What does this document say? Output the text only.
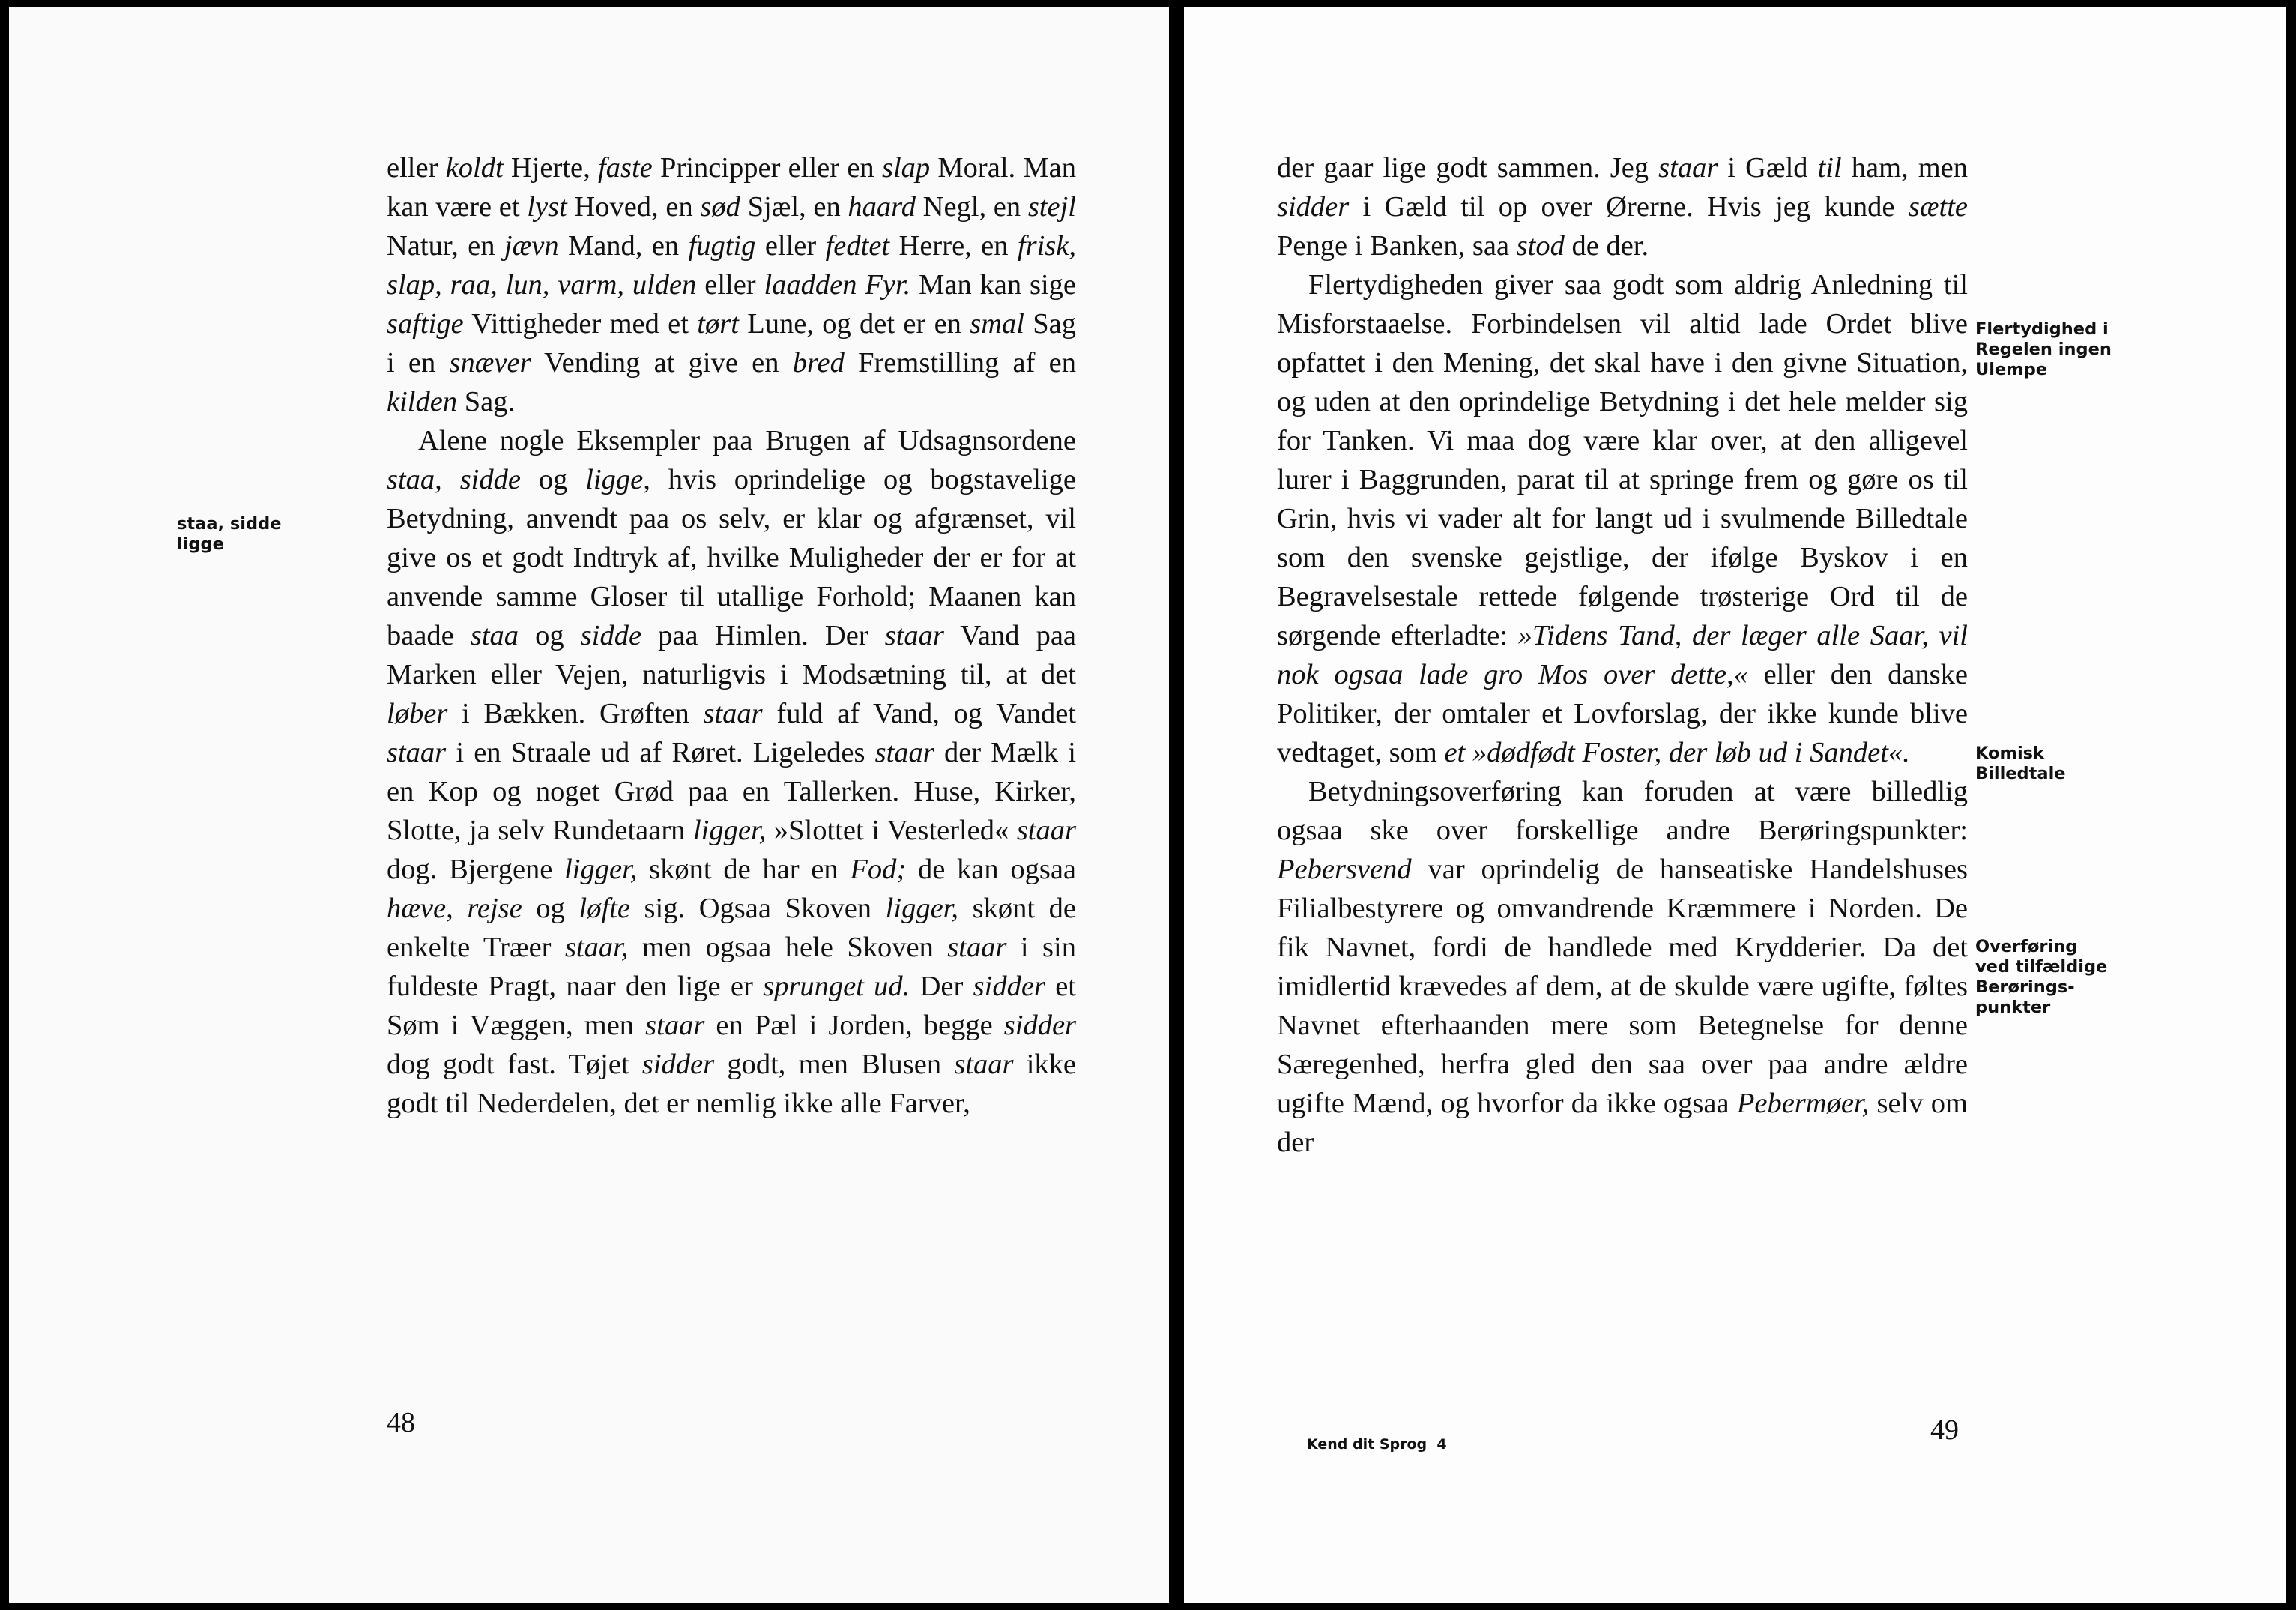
eller koldt Hjerte, faste Principper eller en slap Moral. Man kan være et lyst Hoved, en sød Sjæl, en haard Negl, en stejl Natur, en jævn Mand, en fugtig eller fedtet Herre, en frisk, slap, raa, lun, varm, ulden eller laadden Fyr. Man kan sige saftige Vittigheder med et tørt Lune, og det er en smal Sag i en snæver Vending at give en bred Fremstilling af en kilden Sag.

Alene nogle Eksempler paa Brugen af Udsagnsordene staa, sidde og ligge, hvis oprindelige og bogstavelige Betydning, anvendt paa os selv, er klar og afgrænset, vil give os et godt Indtryk af, hvilke Muligheder der er for at anvende samme Gloser til utallige Forhold; Maanen kan baade staa og sidde paa Himlen. Der staar Vand paa Marken eller Vejen, naturligvis i Modsætning til, at det løber i Bækken. Grøften staar fuld af Vand, og Vandet staar i en Straale ud af Røret. Ligeledes staar der Mælk i en Kop og noget Grød paa en Tallerken. Huse, Kirker, Slotte, ja selv Rundetaarn ligger, »Slottet i Vesterled« staar dog. Bjergene ligger, skønt de har en Fod; de kan ogsaa hæve, rejse og løfte sig. Ogsaa Skoven ligger, skønt de enkelte Træer staar, men ogsaa hele Skoven staar i sin fuldeste Pragt, naar den lige er sprunget ud. Der sidder et Søm i Væggen, men staar en Pæl i Jorden, begge sidder dog godt fast. Tøjet sidder godt, men Blusen staar ikke godt til Nederdelen, det er nemlig ikke alle Farver,

staa, sidde
ligge
48

der gaar lige godt sammen. Jeg staar i Gæld til ham, men sidder i Gæld til op over Ørerne. Hvis jeg kunde sætte Penge i Banken, saa stod de der.

Flertydigheden giver saa godt som aldrig Anledning til Misforstaaelse. Forbindelsen vil altid lade Ordet blive opfattet i den Mening, det skal have i den givne Situation, og uden at den oprindelige Betydning i det hele melder sig for Tanken. Vi maa dog være klar over, at den alligevel lurer i Baggrunden, parat til at springe frem og gøre os til Grin, hvis vi vader alt for langt ud i svulmende Billedtale som den svenske gejstlige, der ifølge Byskov i en Begravelsestale rettede følgende trøsterige Ord til de sørgende efterladte: »Tidens Tand, der læger alle Saar, vil nok ogsaa lade gro Mos over dette,« eller den danske Politiker, der omtaler et Lovforslag, der ikke kunde blive vedtaget, som et »dødfødt Foster, der løb ud i Sandet«.

Betydningsoverføring kan foruden at være billedlig ogsaa ske over forskellige andre Berøringspunkter: Pebersvend var oprindelig de hanseatiske Handelshuses Filialbestyrere og omvandrende Kræmmere i Norden. De fik Navnet, fordi de handlede med Krydderier. Da det imidlertid krævedes af dem, at de skulde være ugifte, føltes Navnet efterhaanden mere som Betegnelse for denne Særegenhed, herfra gled den saa over paa andre ældre ugifte Mænd, og hvorfor da ikke ogsaa Pebermøer, selv om der

Flertydighed i
Regelen ingen
Ulempe
Komisk
Billedtale
Overføring
ved tilfældige
Berørings-
punkter
Kend dit Sprog  4	49
